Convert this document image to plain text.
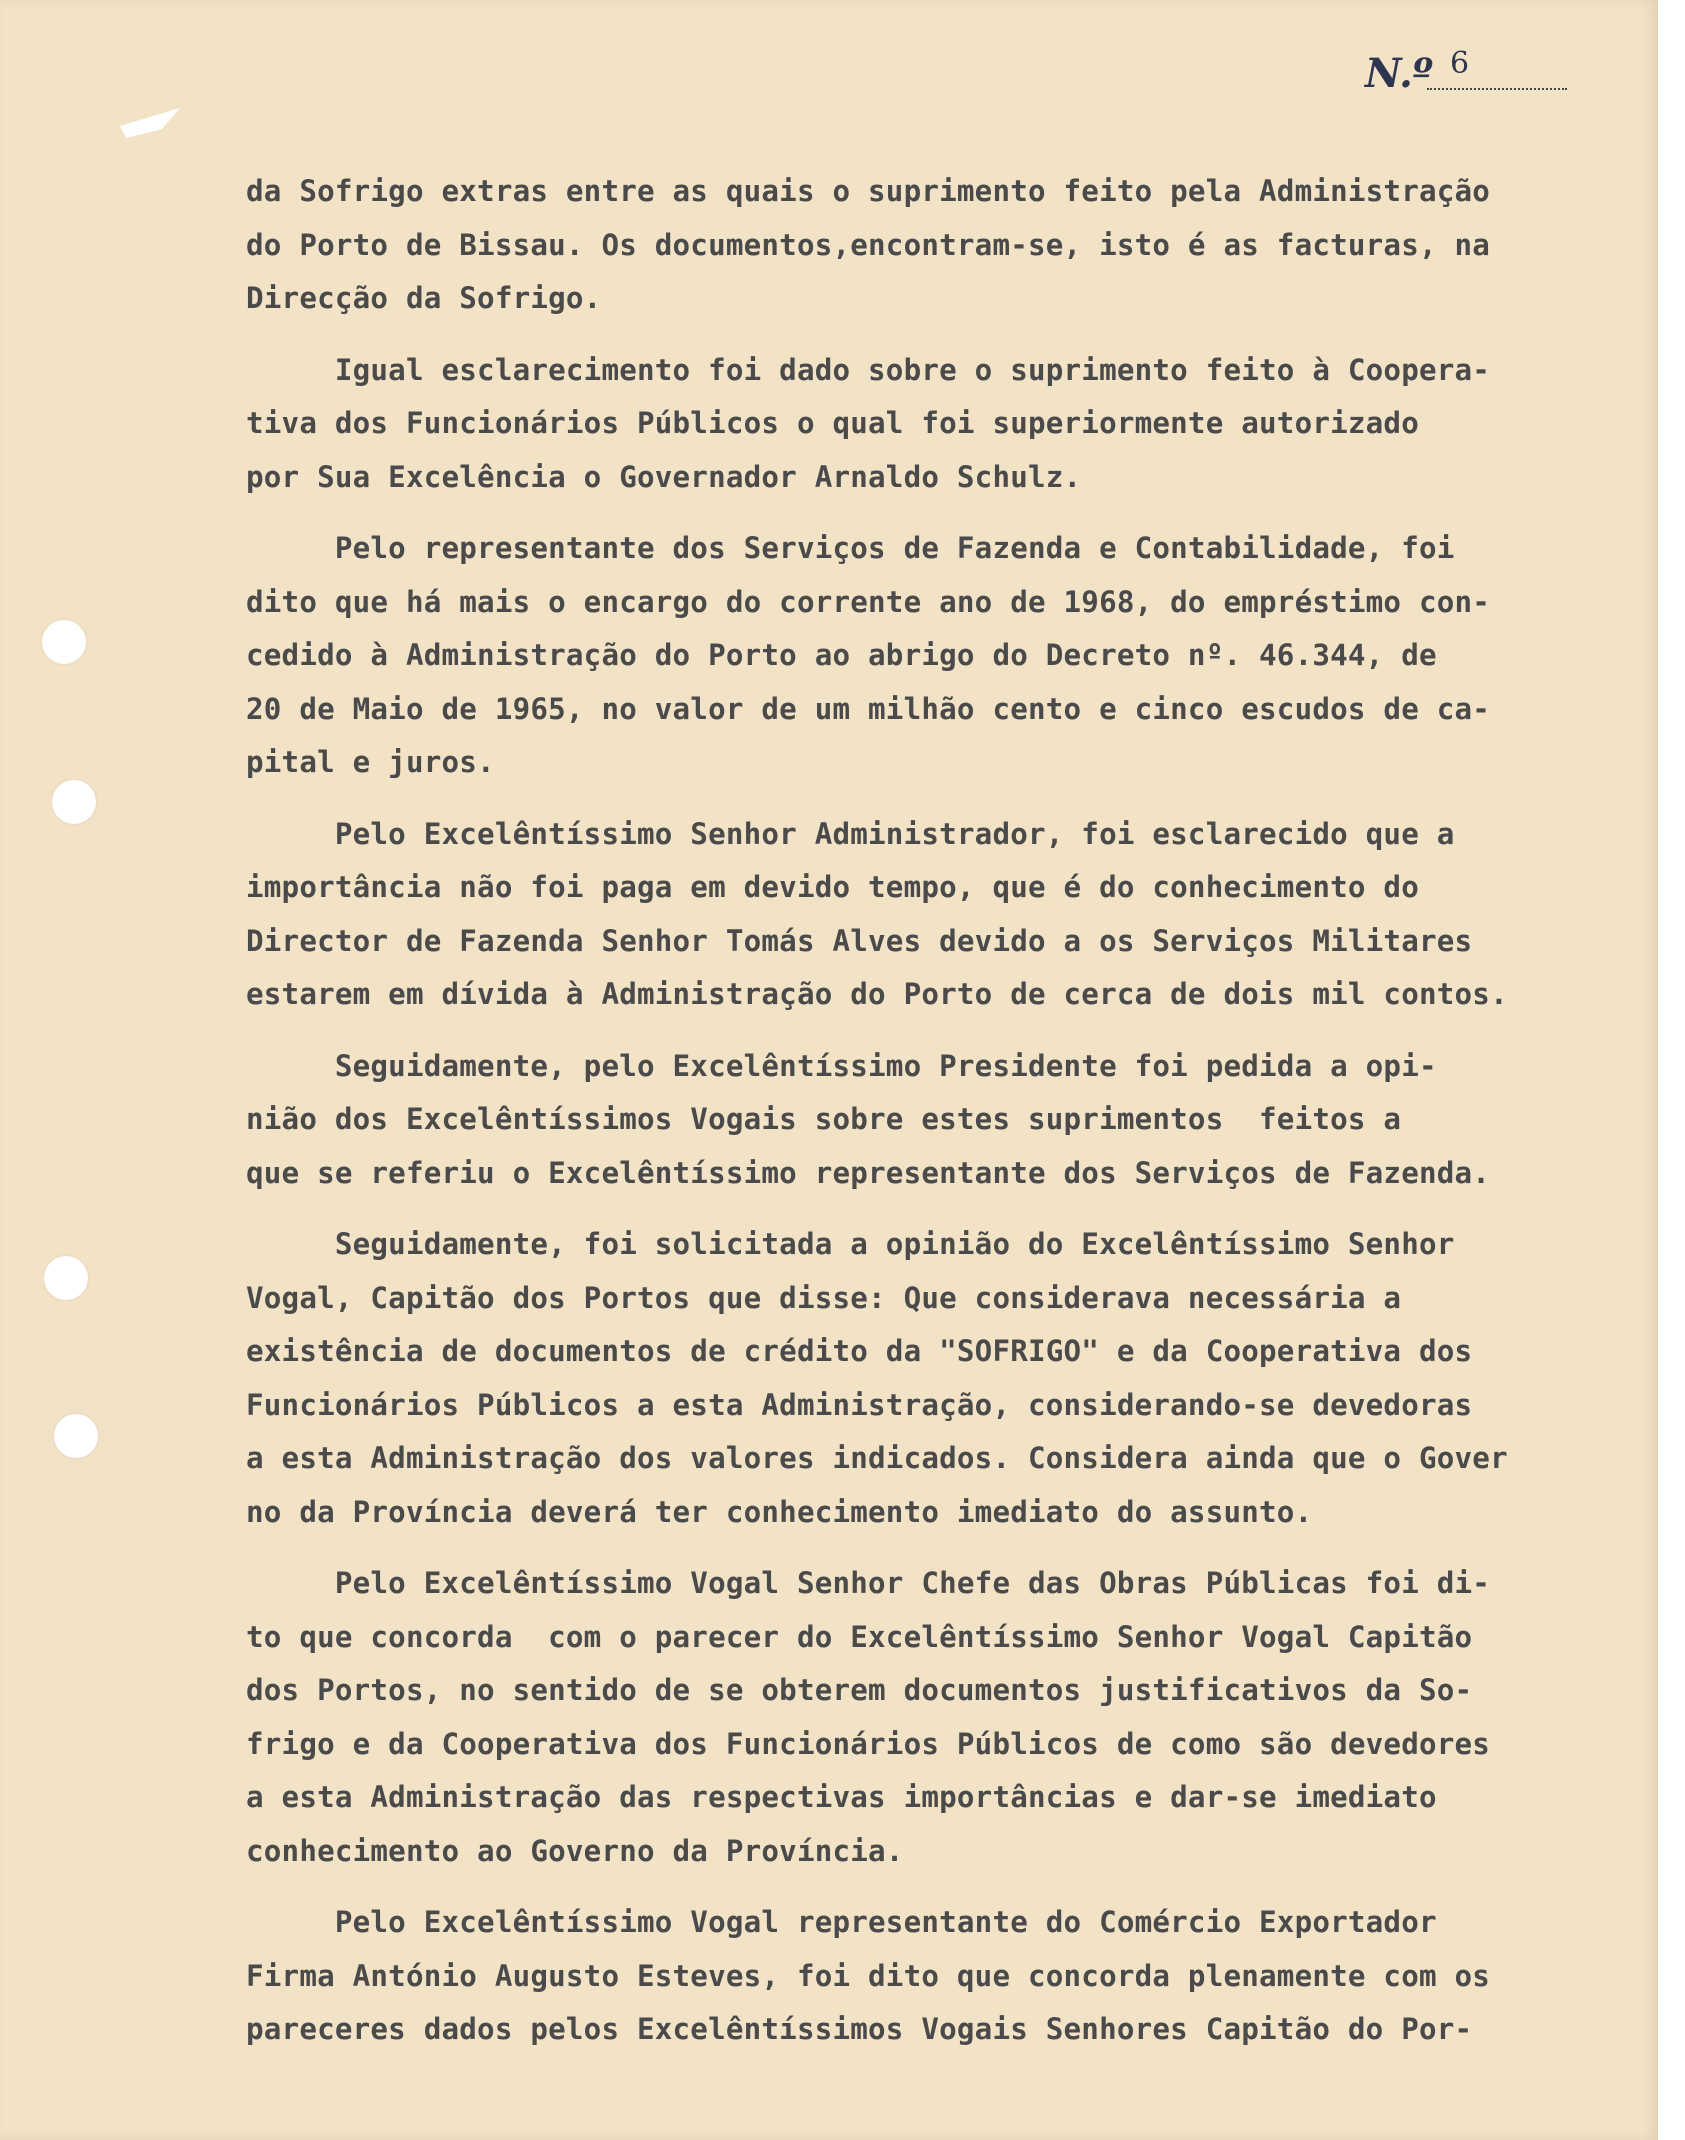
N.º 6
da Sofrigo extras entre as quais o suprimento feito pela Administração
do Porto de Bissau. Os documentos,encontram-se, isto é as facturas, na
Direcção da Sofrigo.
Igual esclarecimento foi dado sobre o suprimento feito à Coopera-
tiva dos Funcionários Públicos o qual foi superiormente autorizado
por Sua Excelência o Governador Arnaldo Schulz.
Pelo representante dos Serviços de Fazenda e Contabilidade, foi
dito que há mais o encargo do corrente ano de 1968, do empréstimo con-
cedido à Administração do Porto ao abrigo do Decreto nº. 46.344, de
20 de Maio de 1965, no valor de um milhão cento e cinco escudos de ca-
pital e juros.
Pelo Excelêntíssimo Senhor Administrador, foi esclarecido que a
importância não foi paga em devido tempo, que é do conhecimento do
Director de Fazenda Senhor Tomás Alves devido a os Serviços Militares
estarem em dívida à Administração do Porto de cerca de dois mil contos.
Seguidamente, pelo Excelêntíssimo Presidente foi pedida a opi-
nião dos Excelêntíssimos Vogais sobre estes suprimentos  feitos a
que se referiu o Excelêntíssimo representante dos Serviços de Fazenda.
Seguidamente, foi solicitada a opinião do Excelêntíssimo Senhor
Vogal, Capitão dos Portos que disse: Que considerava necessária a
existência de documentos de crédito da "SOFRIGO" e da Cooperativa dos
Funcionários Públicos a esta Administração, considerando-se devedoras
a esta Administração dos valores indicados. Considera ainda que o Gover
no da Província deverá ter conhecimento imediato do assunto.
Pelo Excelêntíssimo Vogal Senhor Chefe das Obras Públicas foi di-
to que concorda  com o parecer do Excelêntíssimo Senhor Vogal Capitão
dos Portos, no sentido de se obterem documentos justificativos da So-
frigo e da Cooperativa dos Funcionários Públicos de como são devedores
a esta Administração das respectivas importâncias e dar-se imediato
conhecimento ao Governo da Província.
Pelo Excelêntíssimo Vogal representante do Comércio Exportador
Firma António Augusto Esteves, foi dito que concorda plenamente com os
pareceres dados pelos Excelêntíssimos Vogais Senhores Capitão do Por-
